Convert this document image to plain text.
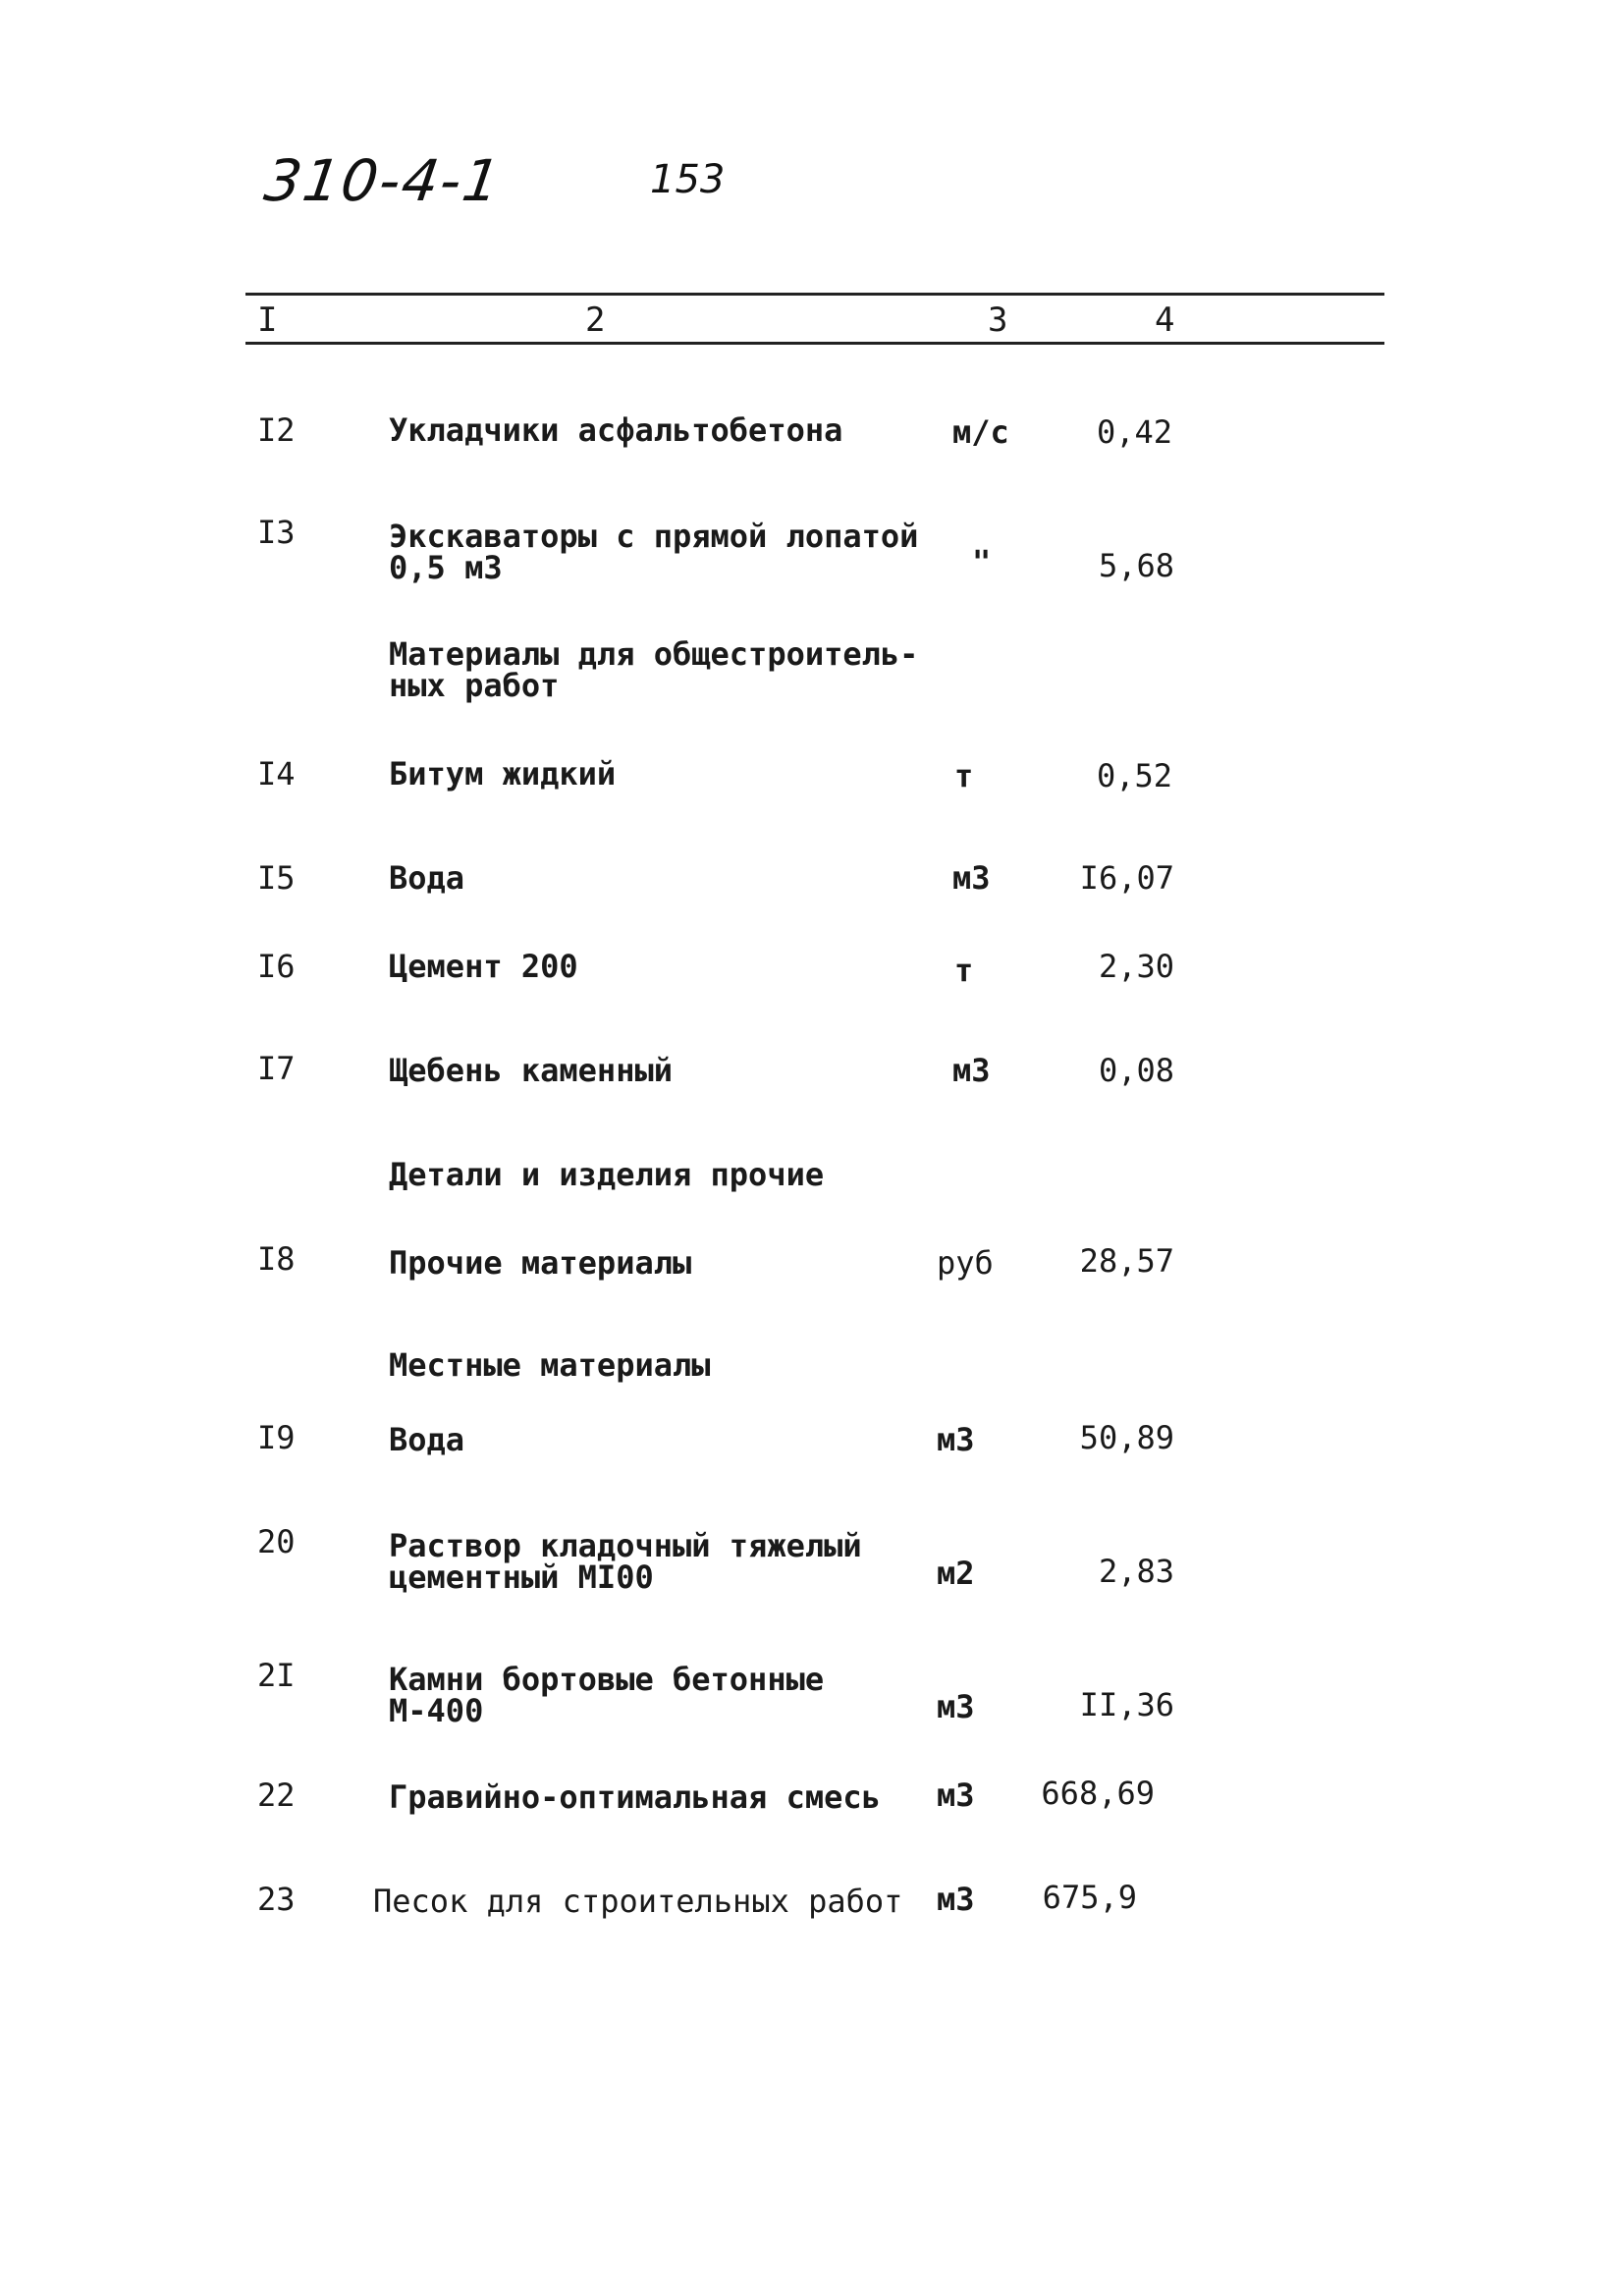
310-4-1	153
I	2	3	4
I2	Укладчики асфальтобетона	м/с	0,42
I3	Экскаваторы с прямой лопатой
0,5 м3	"	5,68
Материалы для общестроитель-
ных работ
I4	Битум жидкий	т	0,52
I5	Вода	м3	I6,07
I6	Цемент 200	т	2,30
I7	Щебень каменный	м3	0,08
Детали и изделия прочие
I8	Прочие материалы	руб	28,57
Местные материалы
I9	Вода	м3	50,89
20	Раствор кладочный тяжелый
цементный МI00	м2	2,83
2I	Камни бортовые бетонные
М-400	м3	II,36
22	Гравийно-оптимальная смесь м3 668,69
23 Песок для строительных работ м3 675,9
